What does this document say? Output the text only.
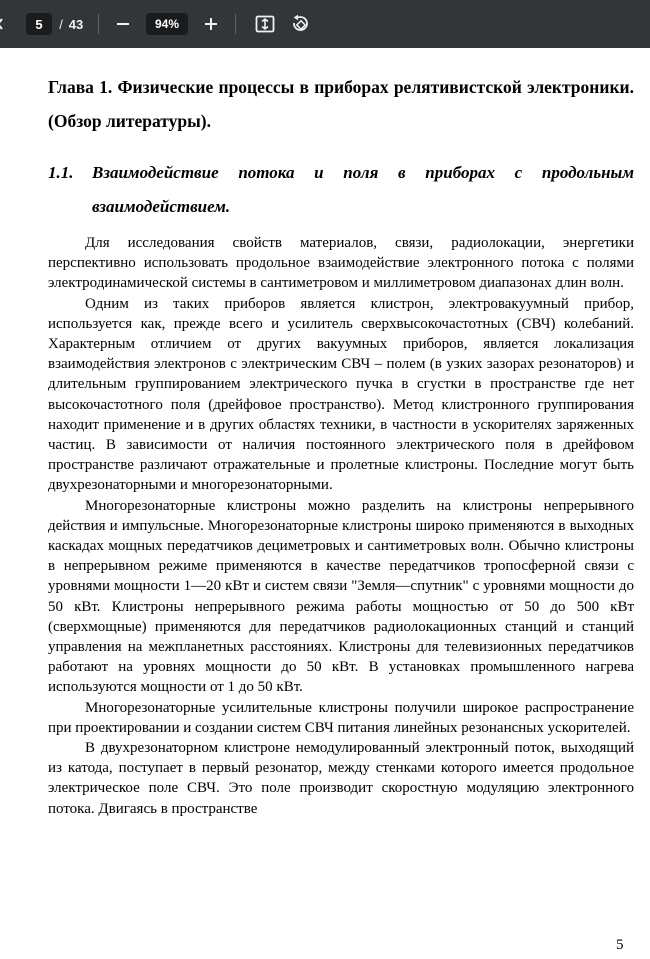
5	/ 43	94%
Глава 1. Физические процессы в приборах релятивистской электроники.(Обзор литературы).
1.1. Взаимодействие потока и поля в приборах с продольным взаимодействием.

Для исследования свойств материалов, связи, радиолокации, энергетики перспективно использовать продольное взаимодействие электронного потока с полями электродинамической системы в сантиметровом и миллиметровом диапазонах длин волн.

Одним из таких приборов является клистрон, электровакуумный прибор, используется как, прежде всего и усилитель сверхвысокочастотных (СВЧ) колебаний. Характерным отличием от других вакуумных приборов, является локализация взаимодействия электронов с электрическим СВЧ – полем (в узких зазорах резонаторов) и длительным группированием электрического пучка в сгустки в пространстве где нет высокочастотного поля (дрейфовое пространство). Метод клистронного группирования находит применение и в других областях техники, в частности в ускорителях заряженных частиц. В зависимости от наличия постоянного электрического поля в дрейфовом пространстве различают отражательные и пролетные клистроны. Последние могут быть двухрезонаторными и многорезонаторными.

Многорезонаторные клистроны можно разделить на клистроны непрерывного действия и импульсные. Многорезонаторные клистроны широко применяются в выходных каскадах мощных передатчиков дециметровых и сантиметровых волн. Обычно клистроны в непрерывном режиме применяются в качестве передатчиков тропосферной связи с уровнями мощности 1—20 кВт и систем связи "Земля—спутник" с уровнями мощности до 50 кВт. Клистроны непрерывного режима работы мощностью от 50 до 500 кВт (сверхмощные) применяются для передатчиков радиолокационных станций и станций управления на межпланетных расстояниях. Клистроны для телевизионных передатчиков работают на уровнях мощности до 50 кВт. В установках промышленного нагрева используются мощности от 1 до 50 кВт.

Многорезонаторные усилительные клистроны получили широкое распространение при проектировании и создании систем СВЧ питания линейных резонансных ускорителей.

В двухрезонаторном клистроне немодулированный электронный поток, выходящий из катода, поступает в первый резонатор, между стенками которого имеется продольное электрическое поле СВЧ. Это поле производит скоростную модуляцию электронного потока. Двигаясь в пространстве

5
